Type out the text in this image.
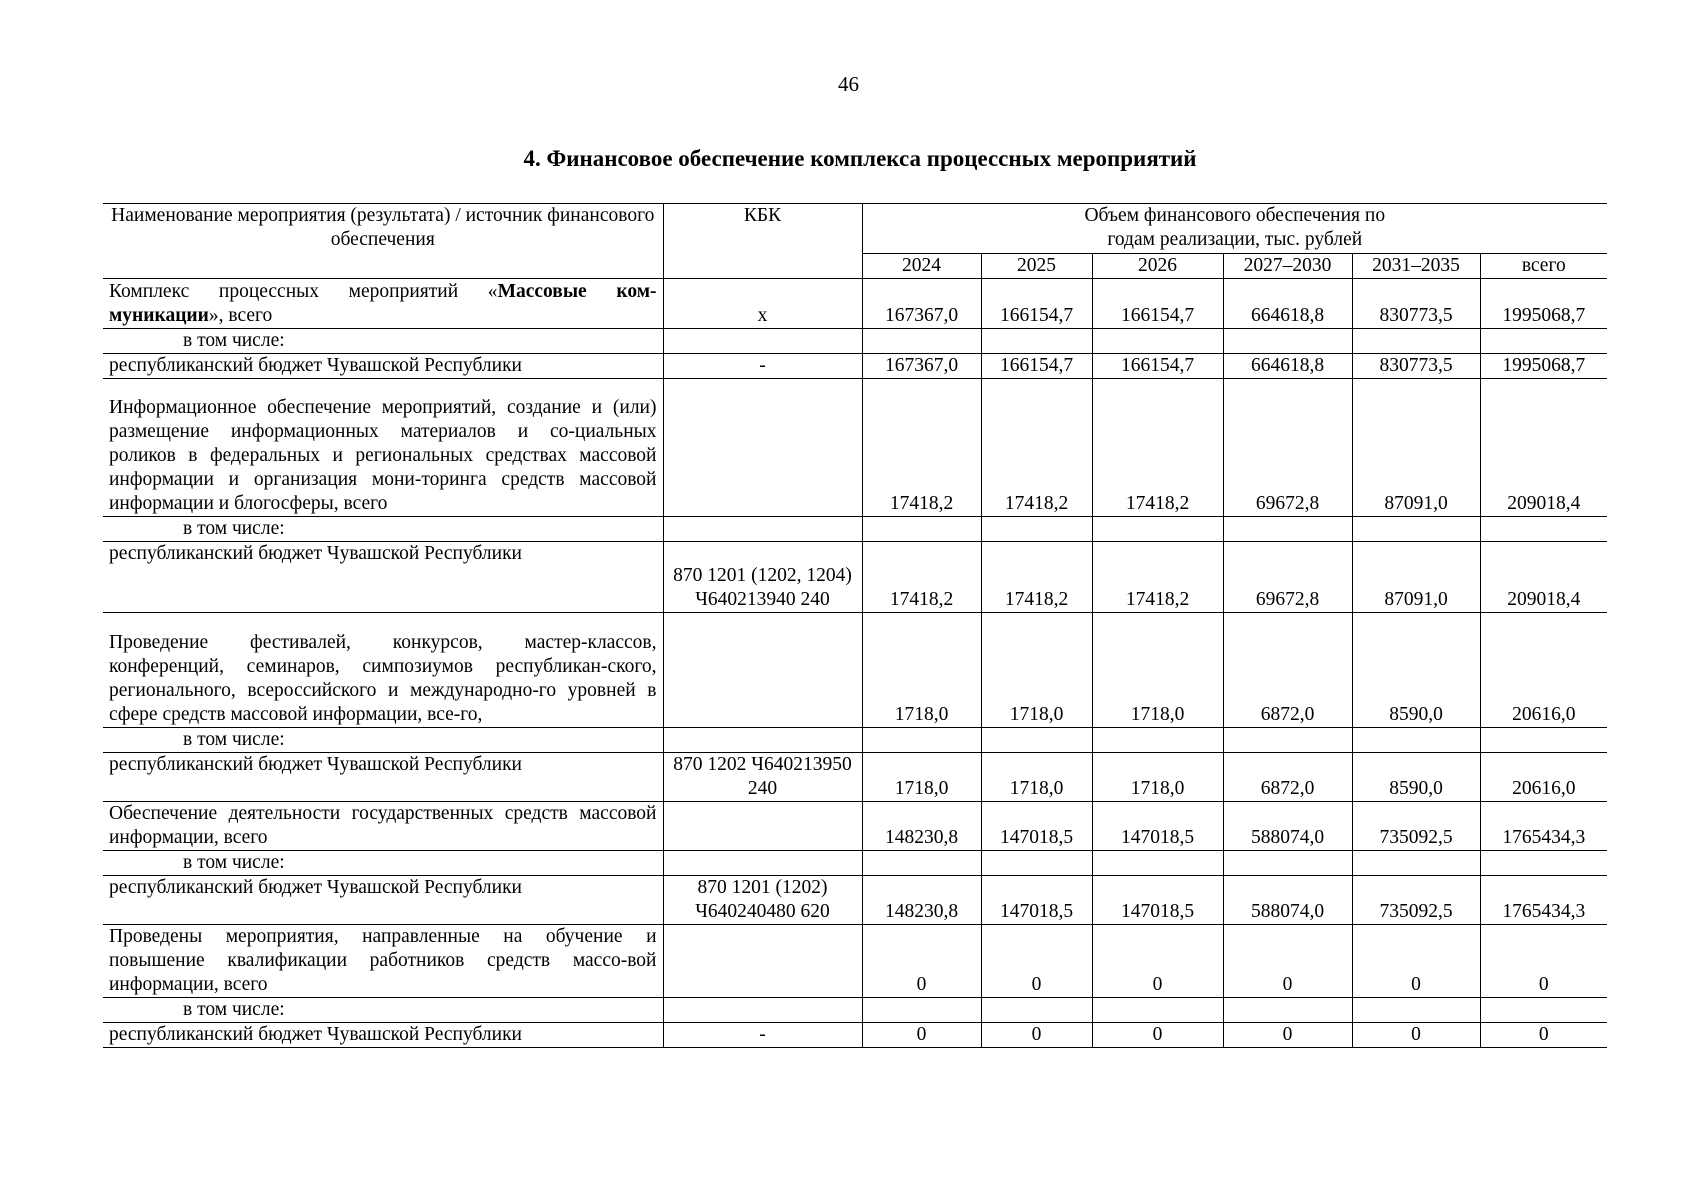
46
4. Финансовое обеспечение комплекса процессных мероприятий
Наименование мероприятия (результата) / источник финансового обеспечения	КБК	Объем финансового обеспечения по годам реализации, тыс. рублей					
		2024	2025	2026	2027–2030	2031–2035	всего
Комплекс процессных мероприятий «Массовые ком-муникации», всего	х	167367,0	166154,7	166154,7	664618,8	830773,5	1995068,7
в том числе:							
республиканский бюджет Чувашской Республики	-	167367,0	166154,7	166154,7	664618,8	830773,5	1995068,7
Информационное обеспечение мероприятий, создание и (или) размещение информационных материалов и со-циальных роликов в федеральных и региональных средствах массовой информации и организация мони-торинга средств массовой информации и блогосферы, всего		17418,2	17418,2	17418,2	69672,8	87091,0	209018,4
в том числе:							
республиканский бюджет Чувашской Республики	870 1201 (1202, 1204) Ч640213940 240	17418,2	17418,2	17418,2	69672,8	87091,0	209018,4
Проведение фестивалей, конкурсов, мастер-классов, конференций, семинаров, симпозиумов республикан-ского, регионального, всероссийского и международно-го уровней в сфере средств массовой информации, все-го,		1718,0	1718,0	1718,0	6872,0	8590,0	20616,0
в том числе:							
республиканский бюджет Чувашской Республики	870 1202 Ч640213950 240	1718,0	1718,0	1718,0	6872,0	8590,0	20616,0
Обеспечение деятельности государственных средств массовой информации, всего		148230,8	147018,5	147018,5	588074,0	735092,5	1765434,3
в том числе:							
республиканский бюджет Чувашской Республики	870 1201 (1202) Ч640240480 620	148230,8	147018,5	147018,5	588074,0	735092,5	1765434,3
Проведены мероприятия, направленные на обучение и повышение квалификации работников средств массо-вой информации, всего		0	0	0	0	0	0
в том числе:							
республиканский бюджет Чувашской Республики	-	0	0	0	0	0	0
